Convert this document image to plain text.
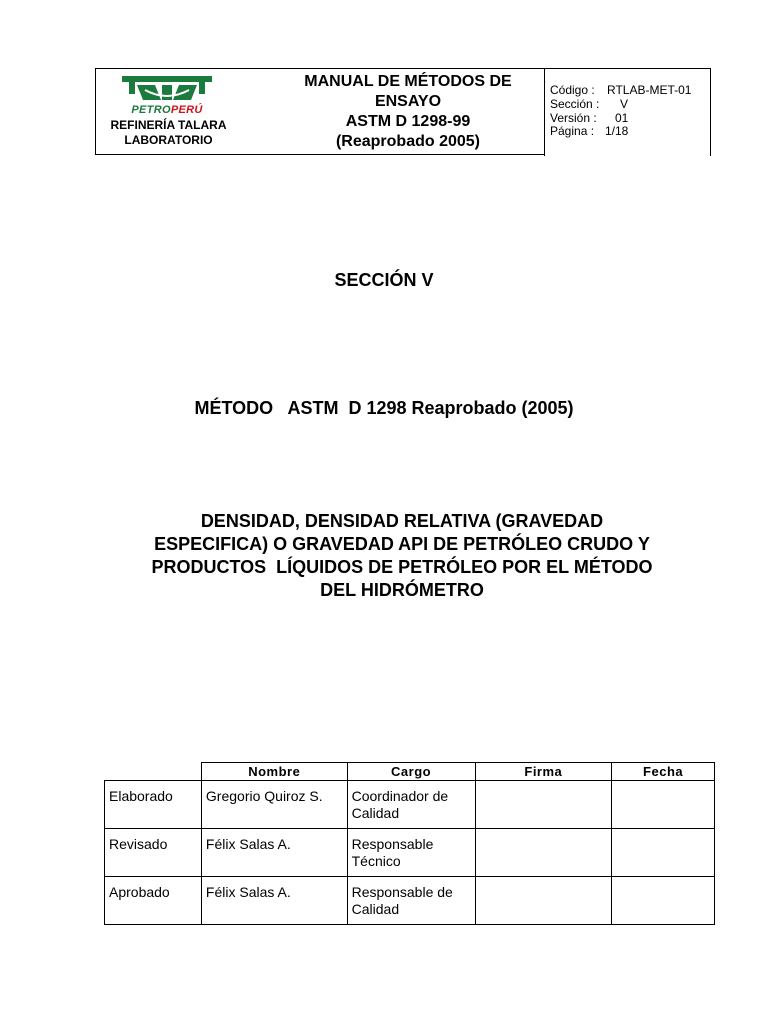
PETROPERÚ
REFINERÍA TALARA
LABORATORIO
MANUAL DE MÉTODOS DE
ENSAYO
ASTM D 1298-99
(Reaprobado 2005)
Código : RTLAB-MET-01
Sección : V
Versión : 01
Página : 1/18
SECCIÓN V
MÉTODO   ASTM  D 1298 Reaprobado (2005)
DENSIDAD, DENSIDAD RELATIVA (GRAVEDAD
ESPECIFICA) O GRAVEDAD API DE PETRÓLEO CRUDO Y
PRODUCTOS  LÍQUIDOS DE PETRÓLEO POR EL MÉTODO
DEL HIDRÓMETRO
	Nombre	Cargo	Firma	Fecha
Elaborado	Gregorio Quiroz S.	Coordinador de
Calidad		

Revisado	Félix Salas A.	Responsable
Técnico		

Aprobado	Félix Salas A.	Responsable de
Calidad		
